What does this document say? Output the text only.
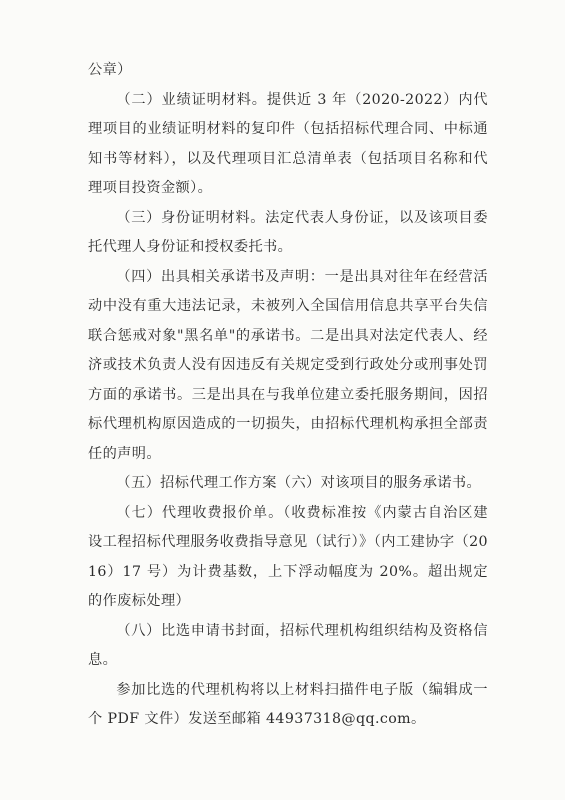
公章）

（二）业绩证明材料。提供近 3 年（2020-2022）内代理项目的业绩证明材料的复印件（包括招标代理合同、中标通知书等材料），以及代理项目汇总清单表（包括项目名称和代理项目投资金额）。

（三）身份证明材料。法定代表人身份证，以及该项目委托代理人身份证和授权委托书。

（四）出具相关承诺书及声明：一是出具对往年在经营活动中没有重大违法记录，未被列入全国信用信息共享平台失信联合惩戒对象"黑名单"的承诺书。二是出具对法定代表人、经济或技术负责人没有因违反有关规定受到行政处分或刑事处罚方面的承诺书。三是出具在与我单位建立委托服务期间，因招标代理机构原因造成的一切损失，由招标代理机构承担全部责任的声明。

（五）招标代理工作方案（六）对该项目的服务承诺书。

（七）代理收费报价单。（收费标准按《内蒙古自治区建设工程招标代理服务收费指导意见（试行）》（内工建协字（2016）17 号）为计费基数，上下浮动幅度为 20%。超出规定的作废标处理）

（八）比选申请书封面，招标代理机构组织结构及资格信息。

参加比选的代理机构将以上材料扫描件电子版（编辑成一个 PDF 文件）发送至邮箱 44937318@qq.com。
